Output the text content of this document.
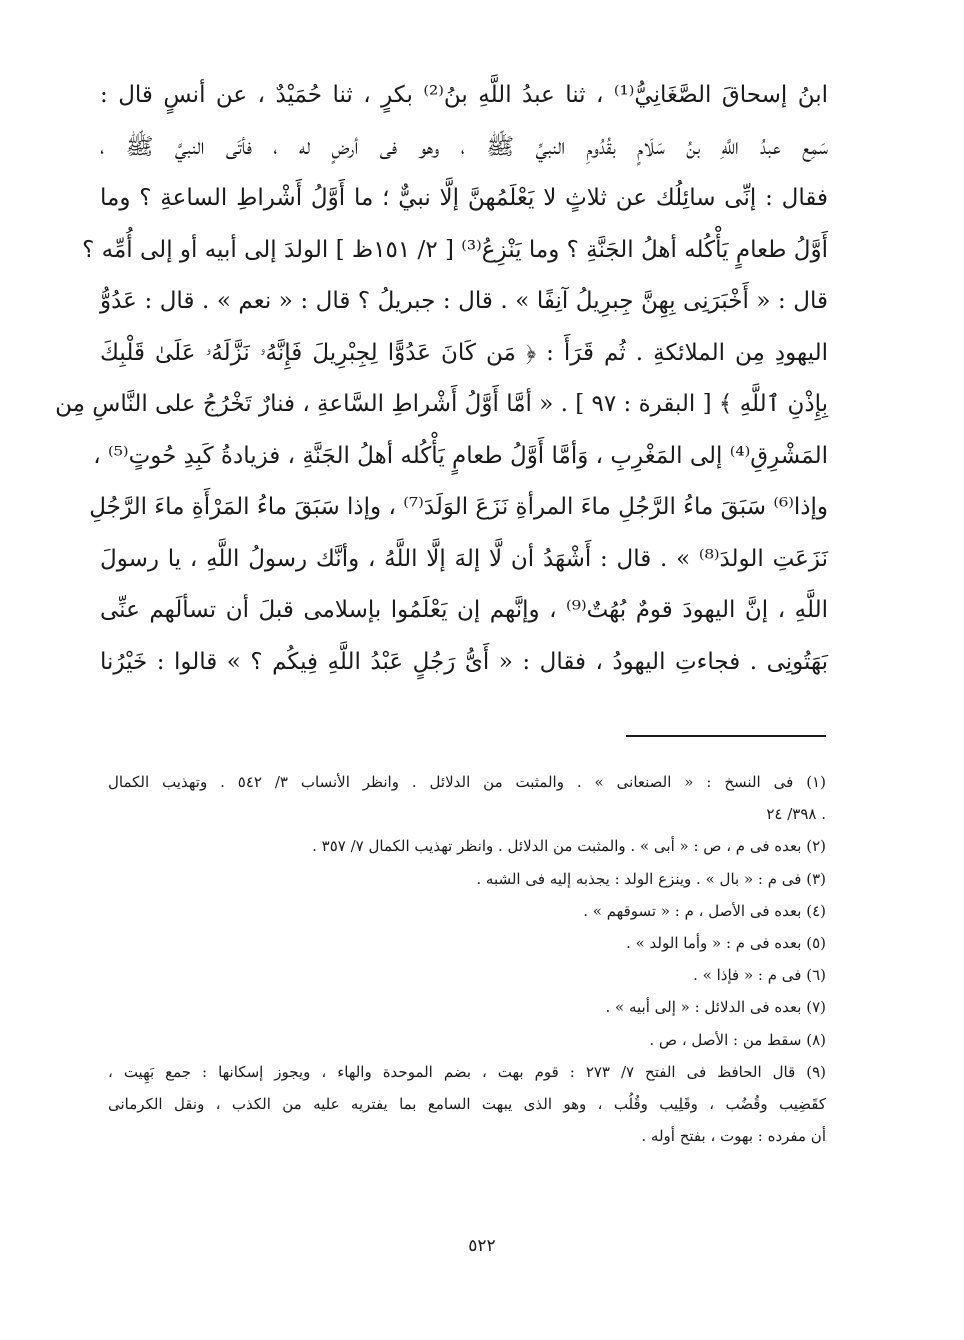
ابنُ إسحاقَ الصَّغَانِيُّ⁽¹⁾ ، ثنا عبدُ اللَّهِ بنُ⁽²⁾ بكرٍ ، ثنا حُمَيْدٌ ، عن أنسٍ قال :
سَمِع عبدُ اللَّهِ بنُ سَلَامٍ بقُدُومِ النبيِّ ﷺ ، وهو فى أرضٍ له ، فأتَى النبيَّ ﷺ ،
فقال : إنِّى سائِلُك عن ثلاثٍ لا يَعْلَمُهنَّ إلَّا نبيٌّ ؛ ما أَوَّلُ أَشْراطِ الساعةِ ؟ وما
أَوَّلُ طعامٍ يَأْكُله أهلُ الجَنَّةِ ؟ وما يَنْزِعُ⁽³⁾ [ ٢/ ١٥١ظ ] الولدَ إلى أبيه أو إلى أُمِّه ؟
قال : « أَخْبَرَنِى بِهِنَّ جِبرِيلُ آنِفًا » . قال : جبريلُ ؟ قال : « نعم » . قال : عَدُوُّ
اليهودِ مِن الملائكةِ . ثُم قَرَأَ : ﴿ مَن كَانَ عَدُوًّا لِجِبْرِيلَ فَإِنَّهُۥ نَزَّلَهُۥ عَلَىٰ قَلْبِكَ
بِإِذْنِ ٱللَّهِ ﴾ [ البقرة : ٩٧ ] . « أمَّا أَوَّلُ أَشْراطِ السَّاعةِ ، فنارٌ تَخْرُجُ على النَّاسِ مِن
المَشْرِقِ⁽⁴⁾ إلى المَغْرِبِ ، وَأمَّا أَوَّلُ طعامٍ يَأْكُله أهلُ الجَنَّةِ ، فزيادةُ كَبِدِ حُوتٍ⁽⁵⁾ ،
وإذا⁽⁶⁾ سَبَقَ ماءُ الرَّجُلِ ماءَ المرأةِ نَزَعَ الوَلَدَ⁽⁷⁾ ، وإذا سَبَقَ ماءُ المَرْأَةِ ماءَ الرَّجُلِ
نَزَعَتِ الولدَ⁽⁸⁾ » . قال : أَشْهَدُ أن لَّا إلهَ إلَّا اللَّهُ ، وأنَّك رسولُ اللَّهِ ، يا رسولَ
اللَّهِ ، إنَّ اليهودَ قومٌ بُهُتٌ⁽⁹⁾ ، وإنَّهم إن يَعْلَمُوا بإسلامى قبلَ أن تسألَهم عنِّى
بَهَتُونِى . فجاءتِ اليهودُ ، فقال : « أَىُّ رَجُلٍ عَبْدُ اللَّهِ فِيكُم ؟ » قالوا : خَيْرُنا
(١) فى النسخ : « الصنعانى » . والمثبت من الدلائل . وانظر الأنساب ٣/ ٥٤٢ . وتهذيب الكمال
. ٣٩٨/ ٢٤
(٢) بعده فى م ، ص : « أبى » . والمثبت من الدلائل . وانظر تهذيب الكمال ٧/ ٣٥٧ .
(٣) فى م : « بال » . وينزع الولد : يجذبه إليه فى الشبه .
(٤) بعده فى الأصل ، م : « تسوقهم » .
(٥) بعده فى م : « وأما الولد » .
(٦) فى م : « فإذا » .
(٧) بعده فى الدلائل : « إلى أبيه » .
(٨) سقط من : الأصل ، ص .
(٩) قال الحافظ فى الفتح ٧/ ٢٧٣ : قوم بهت ، بضم الموحدة والهاء ، ويجوز إسكانها : جمع بَهِيت ،
كقَضِيب وقُضُب ، وقَلِيب وقُلُب ، وهو الذى يبهت السامع بما يفتريه عليه من الكذب ، ونقل الكرمانى
أن مفرده : بهوت ، بفتح أوله .
٥٢٢
